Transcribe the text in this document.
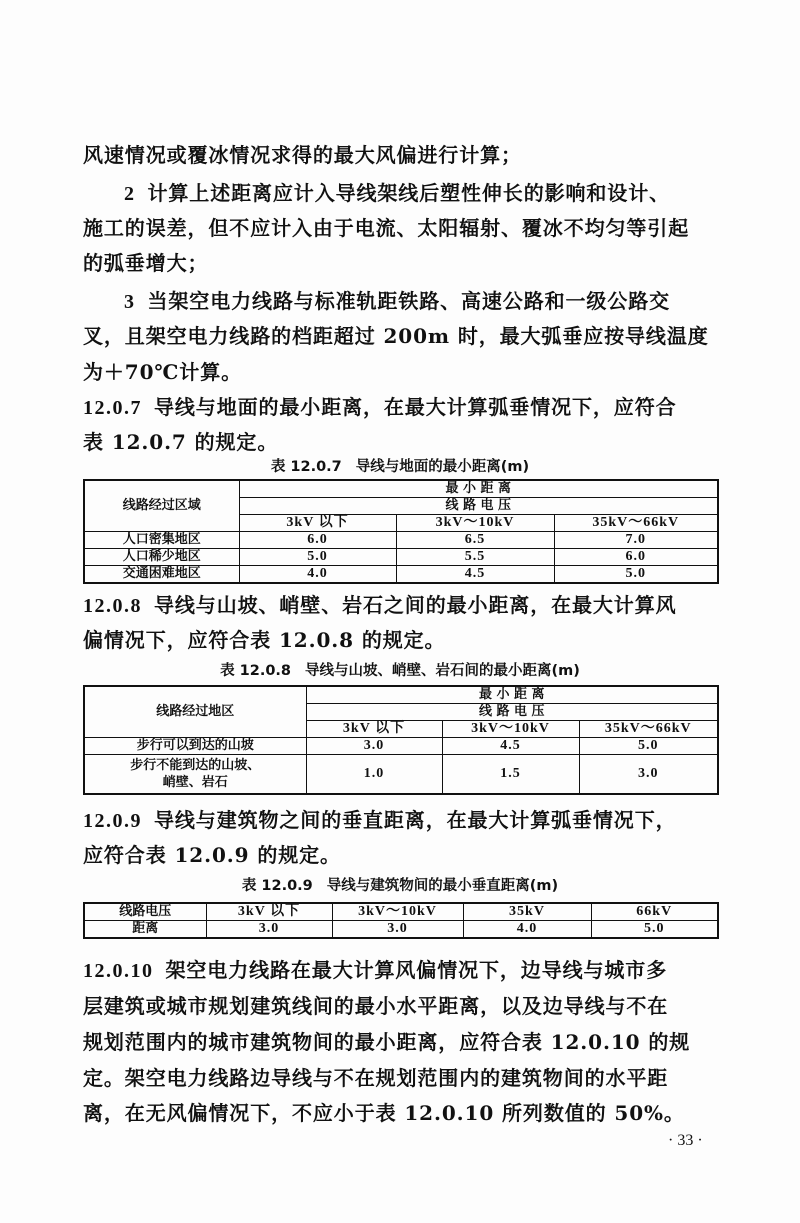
风速情况或覆冰情况求得的最大风偏进行计算；
2 计算上述距离应计入导线架线后塑性伸长的影响和设计、
施工的误差，但不应计入由于电流、太阳辐射、覆冰不均匀等引起
的弧垂增大；
3 当架空电力线路与标准轨距铁路、高速公路和一级公路交
叉，且架空电力线路的档距超过 200m 时，最大弧垂应按导线温度
为＋70℃计算。
12.0.7 导线与地面的最小距离，在最大计算弧垂情况下，应符合
表 12.0.7 的规定。
表 12.0.7 导线与地面的最小距离(m)
线路经过区域	最 小 距 离		
	线 路 电 压		
	3kV 以下	3kV～10kV	35kV～66kV
人口密集地区	6.0	6.5	7.0
人口稀少地区	5.0	5.5	6.0
交通困难地区	4.0	4.5	5.0
12.0.8 导线与山坡、峭壁、岩石之间的最小距离，在最大计算风
偏情况下，应符合表 12.0.8 的规定。
表 12.0.8 导线与山坡、峭壁、岩石间的最小距离(m)
线路经过地区	最 小 距 离		
	线 路 电 压		
	3kV 以下	3kV～10kV	35kV～66kV
步行可以到达的山坡	3.0	4.5	5.0
步行不能到达的山坡、峭壁、岩石	1.0	1.5	3.0
12.0.9 导线与建筑物之间的垂直距离，在最大计算弧垂情况下，
应符合表 12.0.9 的规定。
表 12.0.9 导线与建筑物间的最小垂直距离(m)
线路电压	3kV 以下	3kV～10kV	35kV	66kV
距离	3.0	3.0	4.0	5.0
12.0.10 架空电力线路在最大计算风偏情况下，边导线与城市多
层建筑或城市规划建筑线间的最小水平距离，以及边导线与不在
规划范围内的城市建筑物间的最小距离，应符合表 12.0.10 的规
定。架空电力线路边导线与不在规划范围内的建筑物间的水平距
离，在无风偏情况下，不应小于表 12.0.10 所列数值的 50%。
· 33 ·
